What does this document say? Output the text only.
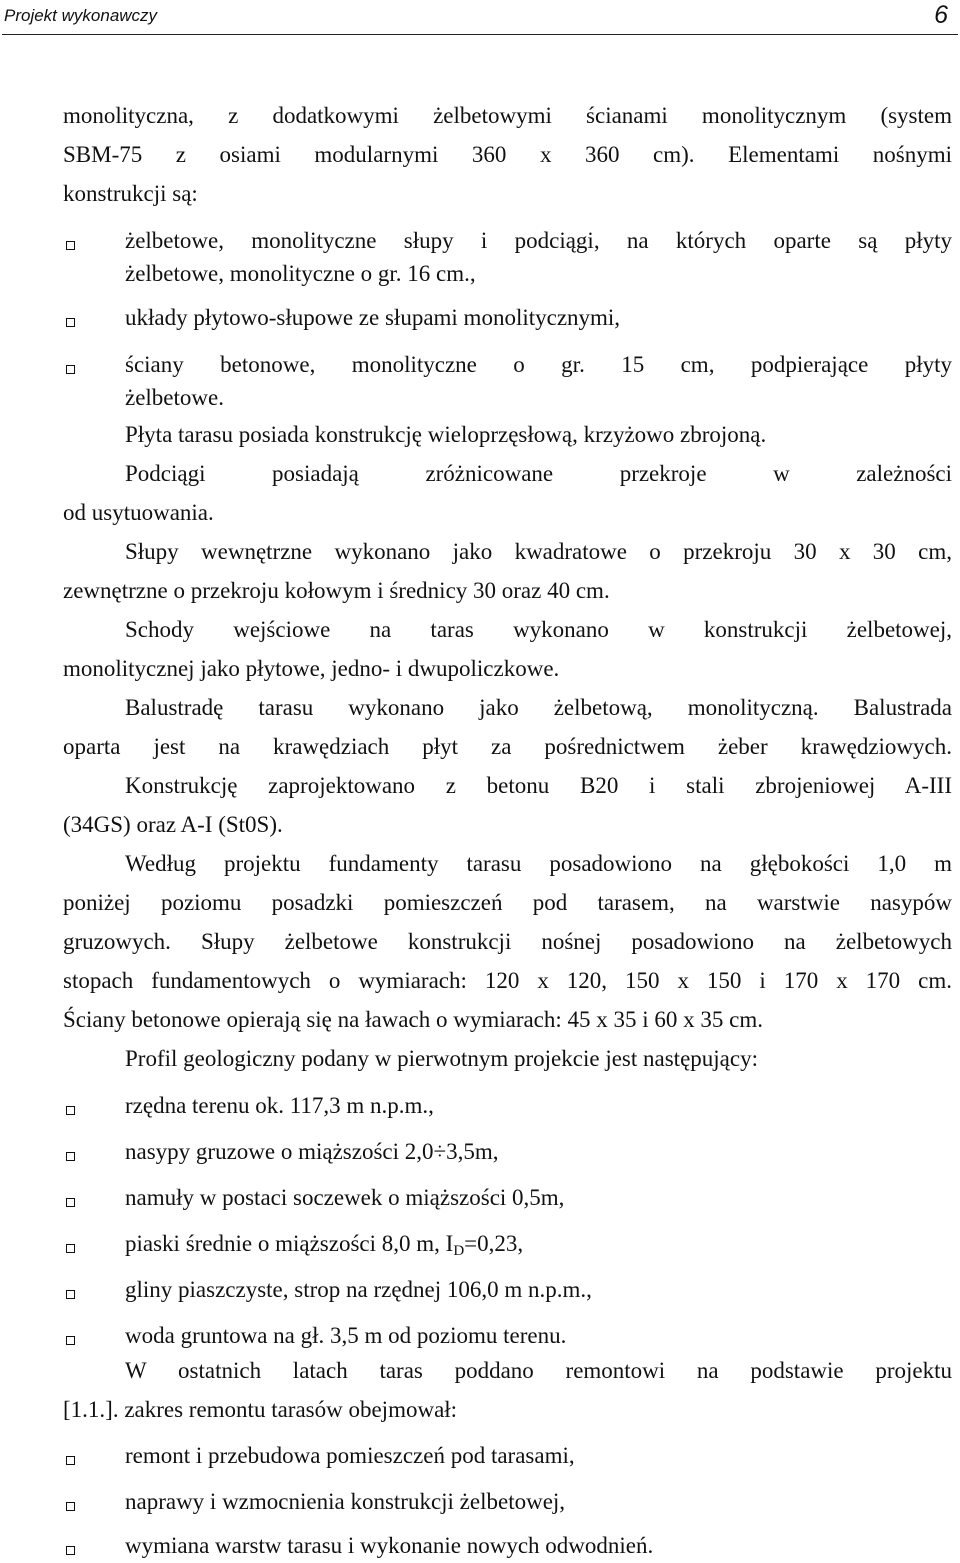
Projekt wykonawczy	6
monolityczna, z dodatkowymi żelbetowymi ścianami monolitycznym (system
SBM-75 z osiami modularnymi 360 x 360 cm). Elementami nośnymi
konstrukcji są:
żelbetowe, monolityczne słupy i podciągi, na których oparte są płyty
żelbetowe, monolityczne o gr. 16 cm.,
układy płytowo-słupowe ze słupami monolitycznymi,
ściany betonowe, monolityczne o gr. 15 cm, podpierające płyty
żelbetowe.
Płyta tarasu posiada konstrukcję wieloprzęsłową, krzyżowo zbrojoną.
Podciągi posiadają zróżnicowane przekroje w zależności
od usytuowania.
Słupy wewnętrzne wykonano jako kwadratowe o przekroju 30 x 30 cm,
zewnętrzne o przekroju kołowym i średnicy 30 oraz 40 cm.
Schody wejściowe na taras wykonano w konstrukcji żelbetowej,
monolitycznej jako płytowe, jedno- i dwupoliczkowe.
Balustradę tarasu wykonano jako żelbetową, monolityczną. Balustrada
oparta jest na krawędziach płyt za pośrednictwem żeber krawędziowych.
Konstrukcję zaprojektowano z betonu B20 i stali zbrojeniowej A-III
(34GS) oraz A-I (St0S).
Według projektu fundamenty tarasu posadowiono na głębokości 1,0 m
poniżej poziomu posadzki pomieszczeń pod tarasem, na warstwie nasypów
gruzowych. Słupy żelbetowe konstrukcji nośnej posadowiono na żelbetowych
stopach fundamentowych o wymiarach: 120 x 120, 150 x 150 i 170 x 170 cm.
Ściany betonowe opierają się na ławach o wymiarach: 45 x 35 i 60 x 35 cm.
Profil geologiczny podany w pierwotnym projekcie jest następujący:
rzędna terenu ok. 117,3 m n.p.m.,
nasypy gruzowe o miąższości 2,0÷3,5m,
namuły w postaci soczewek o miąższości 0,5m,
piaski średnie o miąższości 8,0 m, $I_D=0,23$,
gliny piaszczyste, strop na rzędnej 106,0 m n.p.m.,
woda gruntowa na gł. 3,5 m od poziomu terenu.
W ostatnich latach taras poddano remontowi na podstawie projektu
[1.1.]. zakres remontu tarasów obejmował:
remont i przebudowa pomieszczeń pod tarasami,
naprawy i wzmocnienia konstrukcji żelbetowej,
wymiana warstw tarasu i wykonanie nowych odwodnień.
